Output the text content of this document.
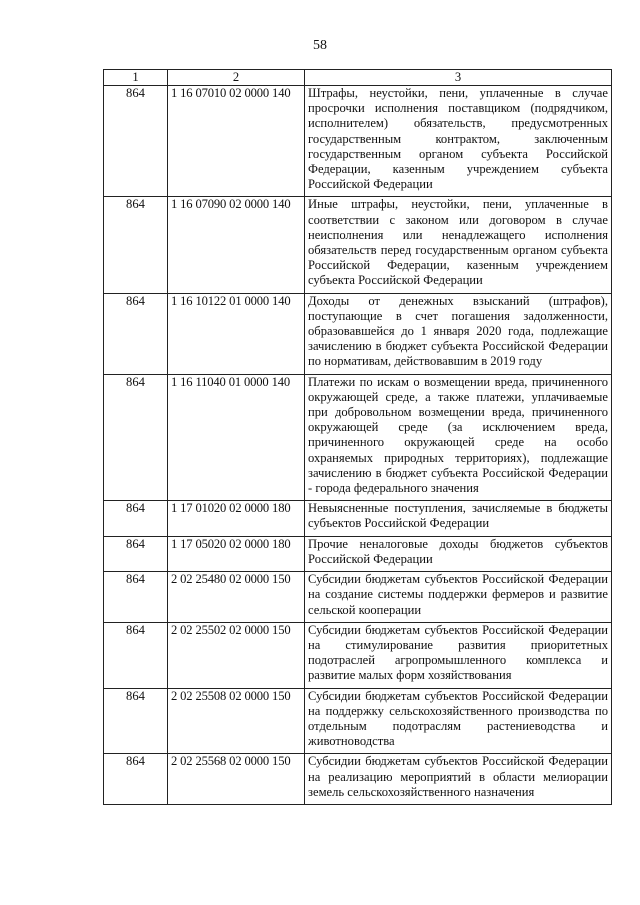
58
1	2	3
864	1 16 07010 02 0000 140	Штрафы, неустойки, пени, уплаченные в случае просрочки исполнения поставщиком (подрядчиком, исполнителем) обязательств, предусмотренных государственным контрактом, заключенным государственным органом субъекта Российской Федерации, казенным учреждением субъекта Российской Федерации
864	1 16 07090 02 0000 140	Иные штрафы, неустойки, пени, уплаченные в соответствии с законом или договором в случае неисполнения или ненадлежащего исполнения обязательств перед государственным органом субъекта Российской Федерации, казенным учреждением субъекта Российской Федерации
864	1 16 10122 01 0000 140	Доходы от денежных взысканий (штрафов), поступающие в счет погашения задолженности, образовавшейся до 1 января 2020 года, подлежащие зачислению в бюджет субъекта Российской Федерации по нормативам, действовавшим в 2019 году
864	1 16 11040 01 0000 140	Платежи по искам о возмещении вреда, причиненного окружающей среде, а также платежи, уплачиваемые при добровольном возмещении вреда, причиненного окружающей среде (за исключением вреда, причиненного окружающей среде на особо охраняемых природных территориях), подлежащие зачислению в бюджет субъекта Российской Федерации - города федерального значения
864	1 17 01020 02 0000 180	Невыясненные поступления, зачисляемые в бюджеты субъектов Российской Федерации
864	1 17 05020 02 0000 180	Прочие неналоговые доходы бюджетов субъектов Российской Федерации
864	2 02 25480 02 0000 150	Субсидии бюджетам субъектов Российской Федерации на создание системы поддержки фермеров и развитие сельской кооперации
864	2 02 25502 02 0000 150	Субсидии бюджетам субъектов Российской Федерации на стимулирование развития приоритетных подотраслей агропромышленного комплекса и развитие малых форм хозяйствования
864	2 02 25508 02 0000 150	Субсидии бюджетам субъектов Российской Федерации на поддержку сельскохозяйственного производства по отдельным подотраслям растениеводства и животноводства
864	2 02 25568 02 0000 150	Субсидии бюджетам субъектов Российской Федерации на реализацию мероприятий в области мелиорации земель сельскохозяйственного назначения
